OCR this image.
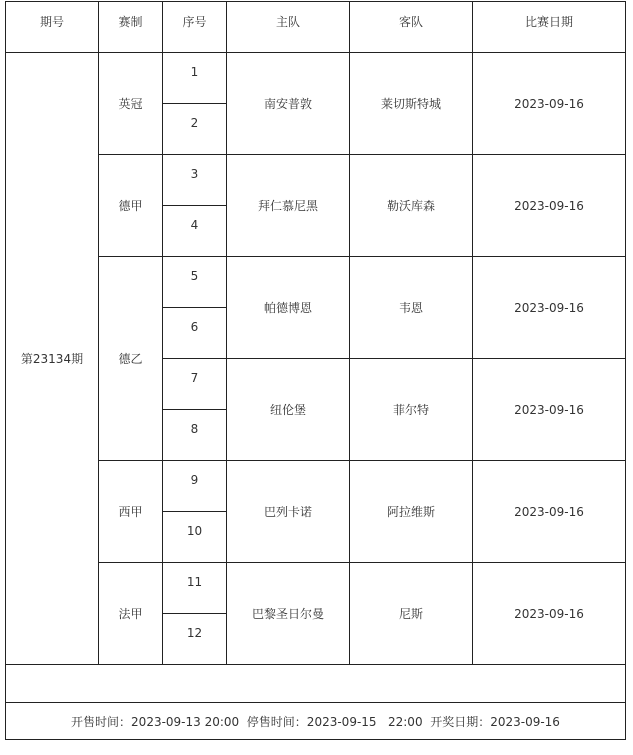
期号	赛制	序号	主队	客队	比赛日期
第23134期	英冠	1	南安普敦	莱切斯特城	2023-09-16

		2			

	德甲	3	拜仁慕尼黑	勒沃库森	2023-09-16

		4			

	德乙	5	帕德博恩	韦恩	2023-09-16

		6			

		7	纽伦堡	菲尔特	2023-09-16

		8			

	西甲	9	巴列卡诺	阿拉维斯	2023-09-16

		10			

	法甲	11	巴黎圣日尔曼	尼斯	2023-09-16

		12			

开售时间：2023-09-13 20:00  停售时间：2023-09-15   22:00  开奖日期：2023-09-16					
